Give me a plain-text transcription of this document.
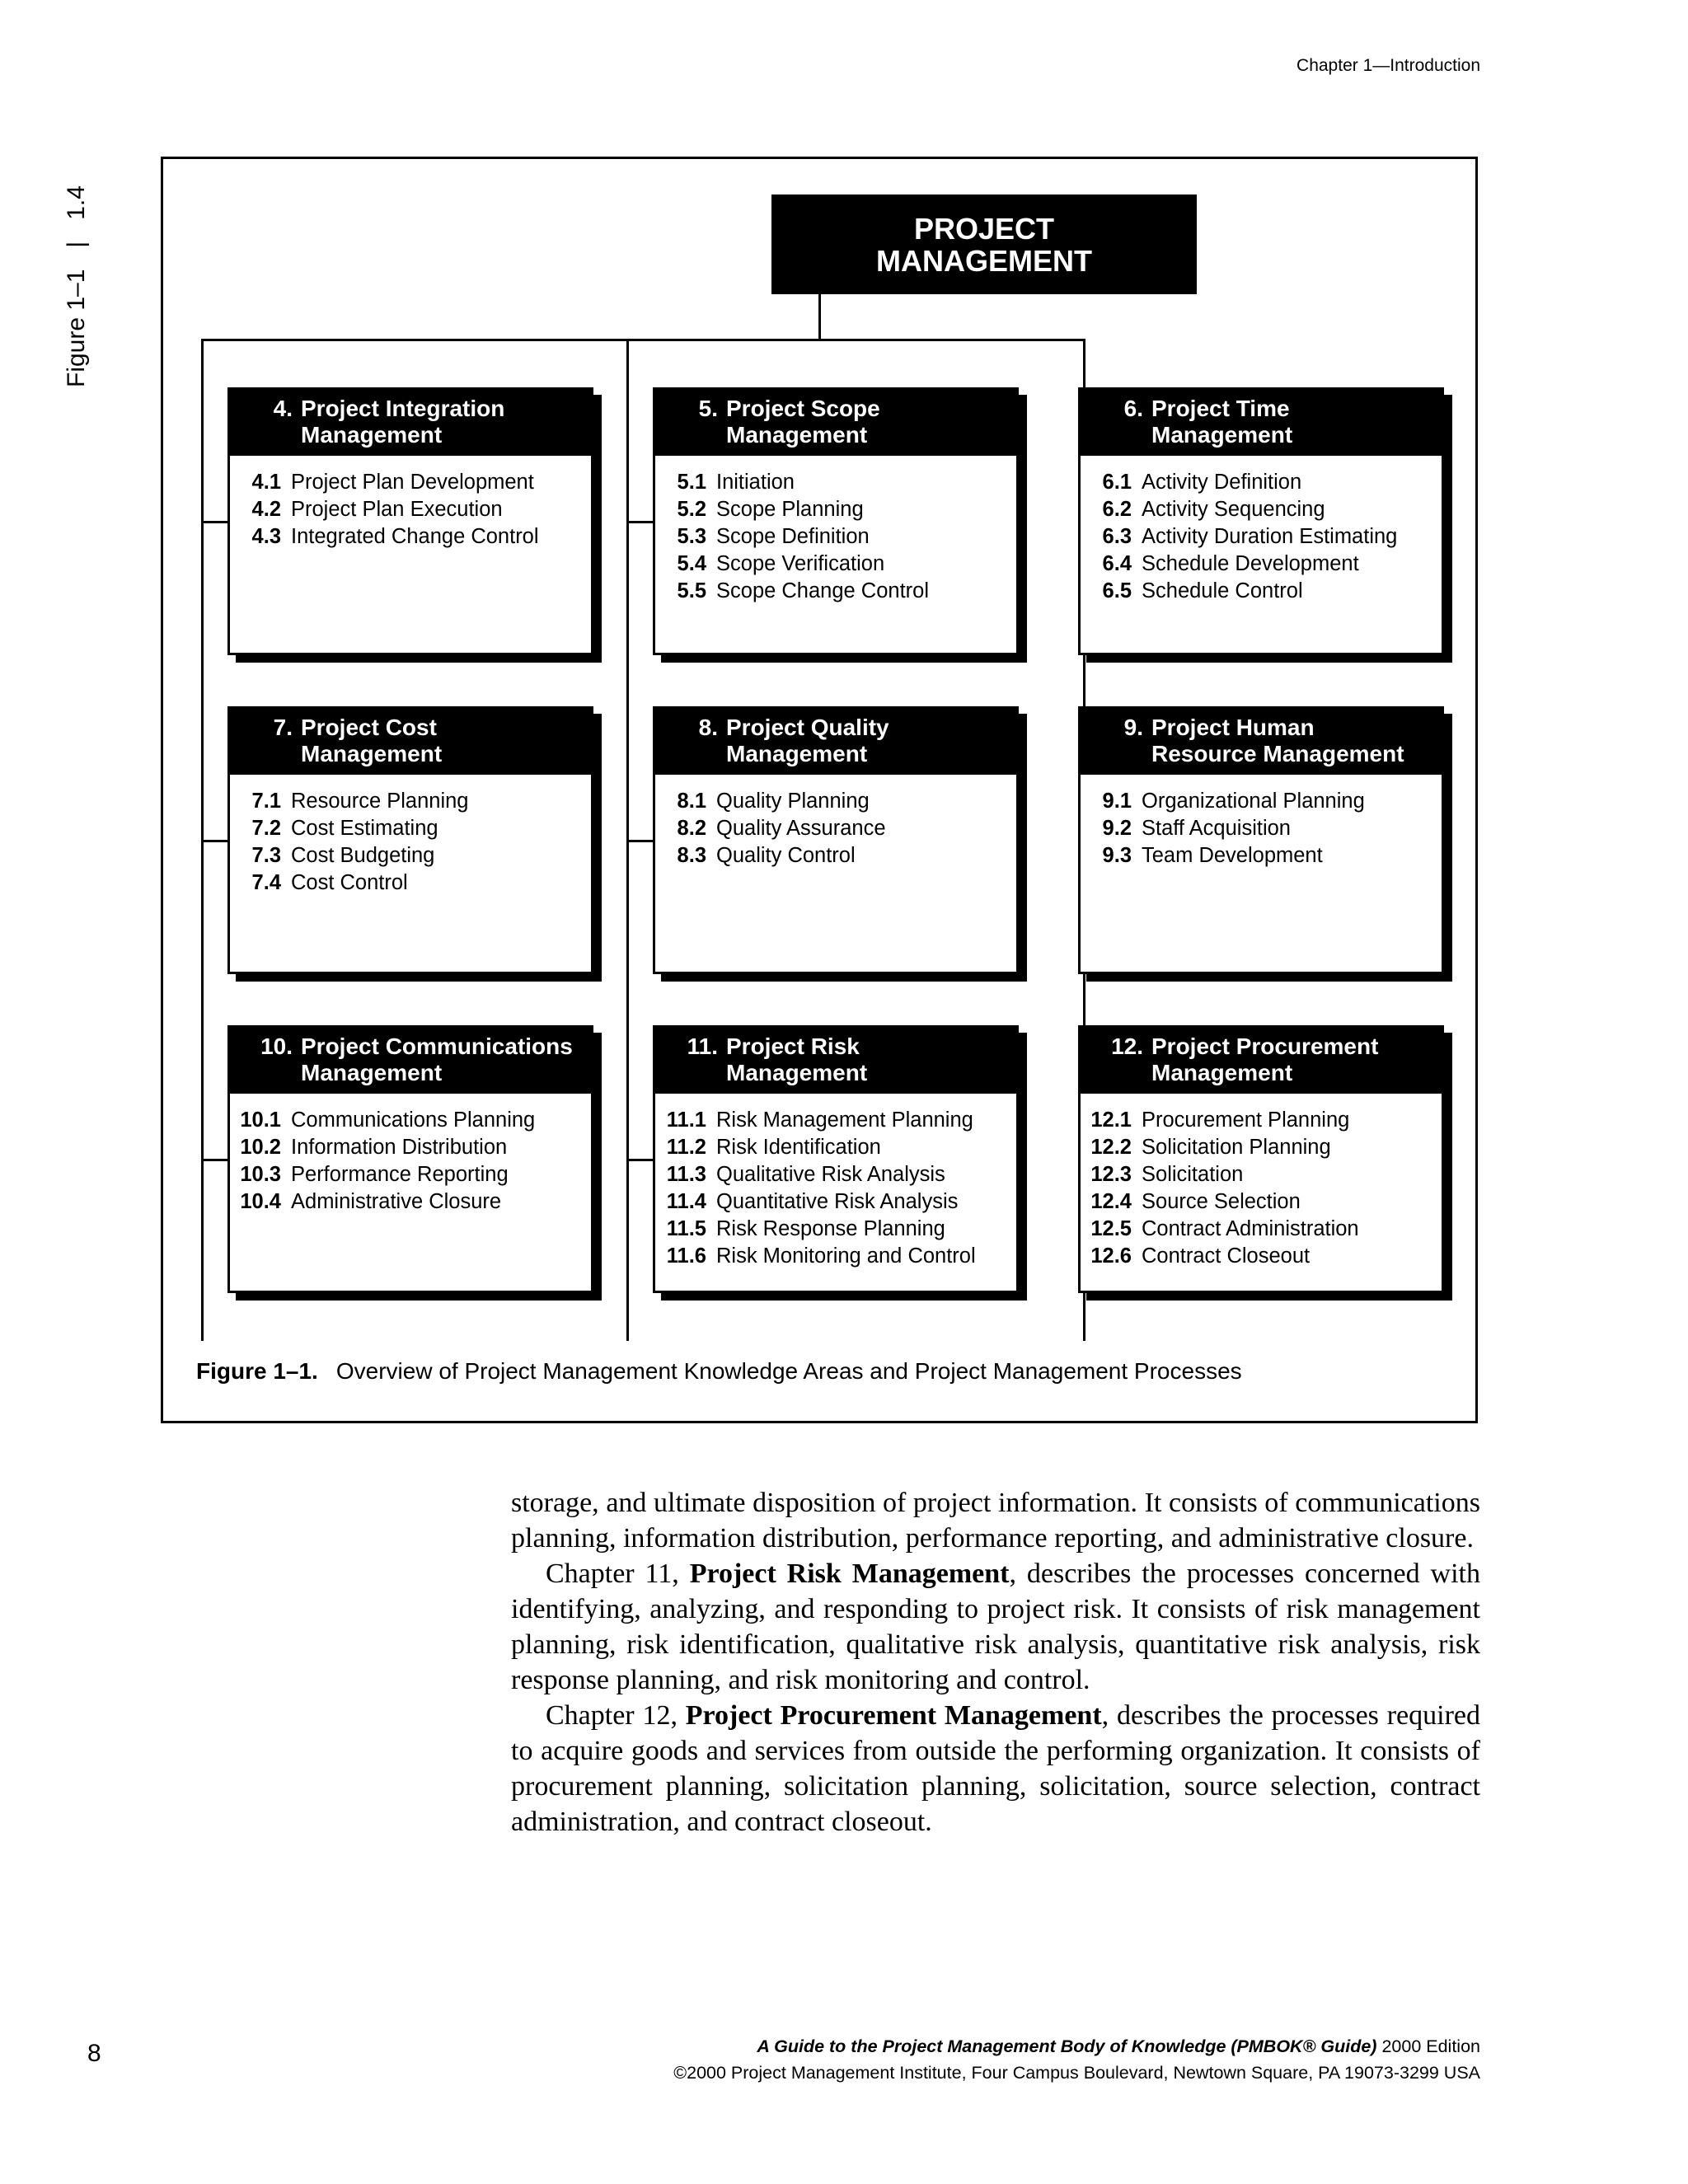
Chapter 1—Introduction
Figure 1–1|1.4
PROJECT
MANAGEMENT
4. Project Integration
Management
4.1 Project Plan Development
4.2 Project Plan Execution
4.3 Integrated Change Control
5. Project Scope
Management
5.1 Initiation
5.2 Scope Planning
5.3 Scope Definition
5.4 Scope Verification
5.5 Scope Change Control
6. Project Time
Management
6.1 Activity Definition
6.2 Activity Sequencing
6.3 Activity Duration Estimating
6.4 Schedule Development
6.5 Schedule Control
7. Project Cost
Management
7.1 Resource Planning
7.2 Cost Estimating
7.3 Cost Budgeting
7.4 Cost Control
8. Project Quality
Management
8.1 Quality Planning
8.2 Quality Assurance
8.3 Quality Control
9. Project Human
Resource Management
9.1 Organizational Planning
9.2 Staff Acquisition
9.3 Team Development
10. Project Communications
Management
10.1 Communications Planning
10.2 Information Distribution
10.3 Performance Reporting
10.4 Administrative Closure
11. Project Risk
Management
11.1 Risk Management Planning
11.2 Risk Identification
11.3 Qualitative Risk Analysis
11.4 Quantitative Risk Analysis
11.5 Risk Response Planning
11.6 Risk Monitoring and Control
12. Project Procurement
Management
12.1 Procurement Planning
12.2 Solicitation Planning
12.3 Solicitation
12.4 Source Selection
12.5 Contract Administration
12.6 Contract Closeout
Figure 1–1. Overview of Project Management Knowledge Areas and Project Management Processes

storage, and ultimate disposition of project information. It consists of communications planning, information distribution, performance reporting, and administrative closure.

Chapter 11, Project Risk Management, describes the processes concerned with identifying, analyzing, and responding to project risk. It consists of risk management planning, risk identification, qualitative risk analysis, quantitative risk analysis, risk response planning, and risk monitoring and control.

Chapter 12, Project Procurement Management, describes the processes required to acquire goods and services from outside the performing organization. It consists of procurement planning, solicitation planning, solicitation, source selection, contract administration, and contract closeout.

8	A Guide to the Project Management Body of Knowledge (PMBOK® Guide) 2000 Edition
©2000 Project Management Institute, Four Campus Boulevard, Newtown Square, PA 19073-3299 USA
